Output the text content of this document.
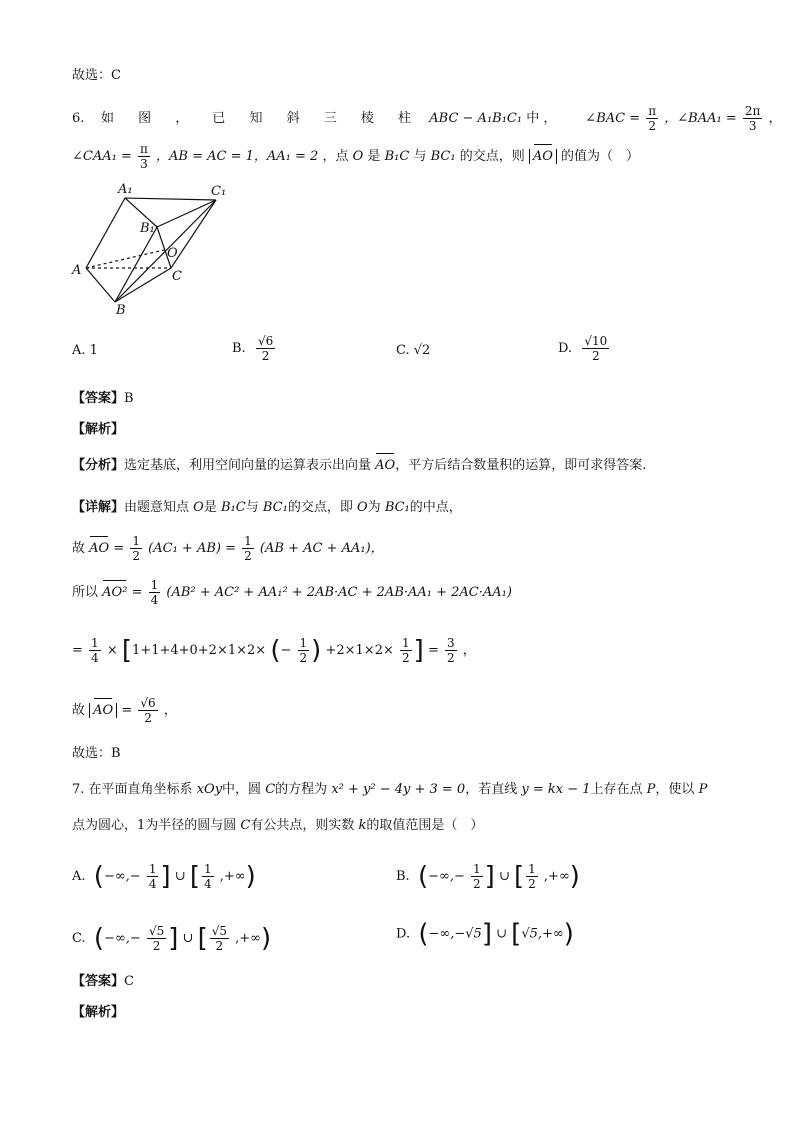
故选：C
6. 如 图 ， 已 知 斜 三 棱 柱 ABC − A₁B₁C₁ 中 ， ∠BAC = $\frac{\pi}{2}$ ，∠BAA₁ = $\frac{2\pi}{3}$ ，
∠CAA₁ = $\frac{\pi}{3}$ ，AB = AC = 1，AA₁ = 2 ，点 O 是 B₁C 与 BC₁ 的交点，则 AO 的值为（　）
A₁	C₁
B₁
O
A	C
B
A. 1	B. $\frac{√6}{2}$	C. √2	D. $\frac{√10}{2}$
【答案】B
【解析】
【分析】选定基底，利用空间向量的运算表示出向量 AO，平方后结合数量积的运算，即可求得答案.
【详解】由题意知点 O是 B₁C与 BC₁的交点，即 O为 BC₁的中点，
故 AO = $\frac{1}{2} (AC_1 + AB) = \frac{1}{2} (AB$ + AC + AA₁)，
所以 $AO^2 = \frac{1}{4} (AB^2 + AC^2 + AA_1^2 + 2AB\cdot AC + 2AB\cdot AA_1 + 2AC\cdot AA_1)$
= $\frac{1}{4} \times [1+1+4+0+2\times 1\times 2\times$ (− $\frac{1}{2}$ ) $+2\times 1\times 2\times \frac{1}{2}$ ] = $\frac{3}{2}$ ，
故 AO = $\frac{√6}{2}$ ，
故选：B
7. 在平面直角坐标系 xOy中，圆 C的方程为 x² + y² − 4y + 3 = 0，若直线 y = kx − 1上存在点 P，使以 P
点为圆心，1为半径的圆与圆 C有公共点，则实数 k的取值范围是（　）
A. (−∞,− $\frac{1}{4}$ ] ∪ [ $\frac{1}{4}$ ,+∞)	B. (−∞,− $\frac{1}{2}$ ] ∪ [ $\frac{1}{2}$ ,+∞)
C. (−∞,− $\frac{√5}{2}$ ] ∪ [ $\frac{√5}{2}$ ,+∞)	D. (−∞,−√5] ∪ [√5,+∞)
【答案】C
【解析】
